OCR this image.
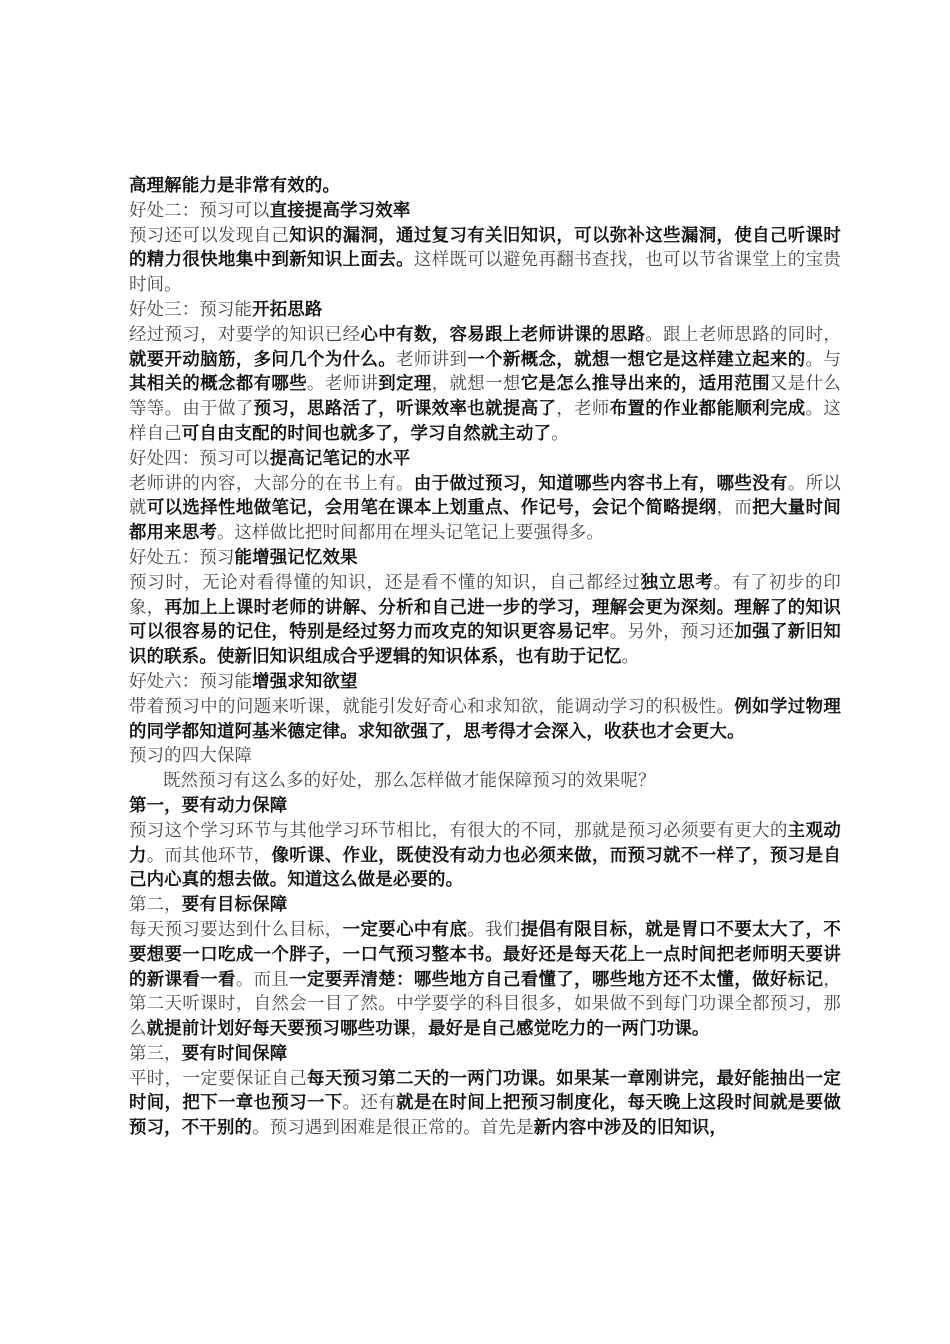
高理解能力是非常有效的。

好处二：预习可以直接提高学习效率

预习还可以发现自己知识的漏洞，通过复习有关旧知识，可以弥补这些漏洞，使自己听课时的精力很快地集中到新知识上面去。这样既可以避免再翻书查找，也可以节省课堂上的宝贵时间。

好处三：预习能开拓思路

经过预习，对要学的知识已经心中有数，容易跟上老师讲课的思路。跟上老师思路的同时，就要开动脑筋，多问几个为什么。老师讲到一个新概念，就想一想它是这样建立起来的。与其相关的概念都有哪些。老师讲到定理，就想一想它是怎么推导出来的，适用范围又是什么等等。由于做了预习，思路活了，听课效率也就提高了，老师布置的作业都能顺利完成。这样自己可自由支配的时间也就多了，学习自然就主动了。

好处四：预习可以提高记笔记的水平

老师讲的内容，大部分的在书上有。由于做过预习，知道哪些内容书上有，哪些没有。所以就可以选择性地做笔记，会用笔在课本上划重点、作记号，会记个简略提纲，而把大量时间都用来思考。这样做比把时间都用在埋头记笔记上要强得多。

好处五：预习能增强记忆效果

预习时，无论对看得懂的知识，还是看不懂的知识，自己都经过独立思考。有了初步的印象，再加上上课时老师的讲解、分析和自己进一步的学习，理解会更为深刻。理解了的知识可以很容易的记住，特别是经过努力而攻克的知识更容易记牢。另外，预习还加强了新旧知识的联系。使新旧知识组成合乎逻辑的知识体系，也有助于记忆。

好处六：预习能增强求知欲望

带着预习中的问题来听课，就能引发好奇心和求知欲，能调动学习的积极性。例如学过物理的同学都知道阿基米德定律。求知欲强了，思考得才会深入，收获也才会更大。

预习的四大保障

既然预习有这么多的好处，那么怎样做才能保障预习的效果呢？

第一，要有动力保障

预习这个学习环节与其他学习环节相比，有很大的不同，那就是预习必须要有更大的主观动力。而其他环节，像听课、作业，既使没有动力也必须来做，而预习就不一样了，预习是自己内心真的想去做。知道这么做是必要的。

第二，要有目标保障

每天预习要达到什么目标，一定要心中有底。我们提倡有限目标，就是胃口不要太大了，不要想要一口吃成一个胖子，一口气预习整本书。最好还是每天花上一点时间把老师明天要讲的新课看一看。而且一定要弄清楚：哪些地方自己看懂了，哪些地方还不太懂，做好标记，第二天听课时，自然会一目了然。中学要学的科目很多，如果做不到每门功课全都预习，那么就提前计划好每天要预习哪些功课，最好是自己感觉吃力的一两门功课。

第三，要有时间保障

平时，一定要保证自己每天预习第二天的一两门功课。如果某一章刚讲完，最好能抽出一定时间，把下一章也预习一下。还有就是在时间上把预习制度化，每天晚上这段时间就是要做预习，不干别的。预习遇到困难是很正常的。首先是新内容中涉及的旧知识，
